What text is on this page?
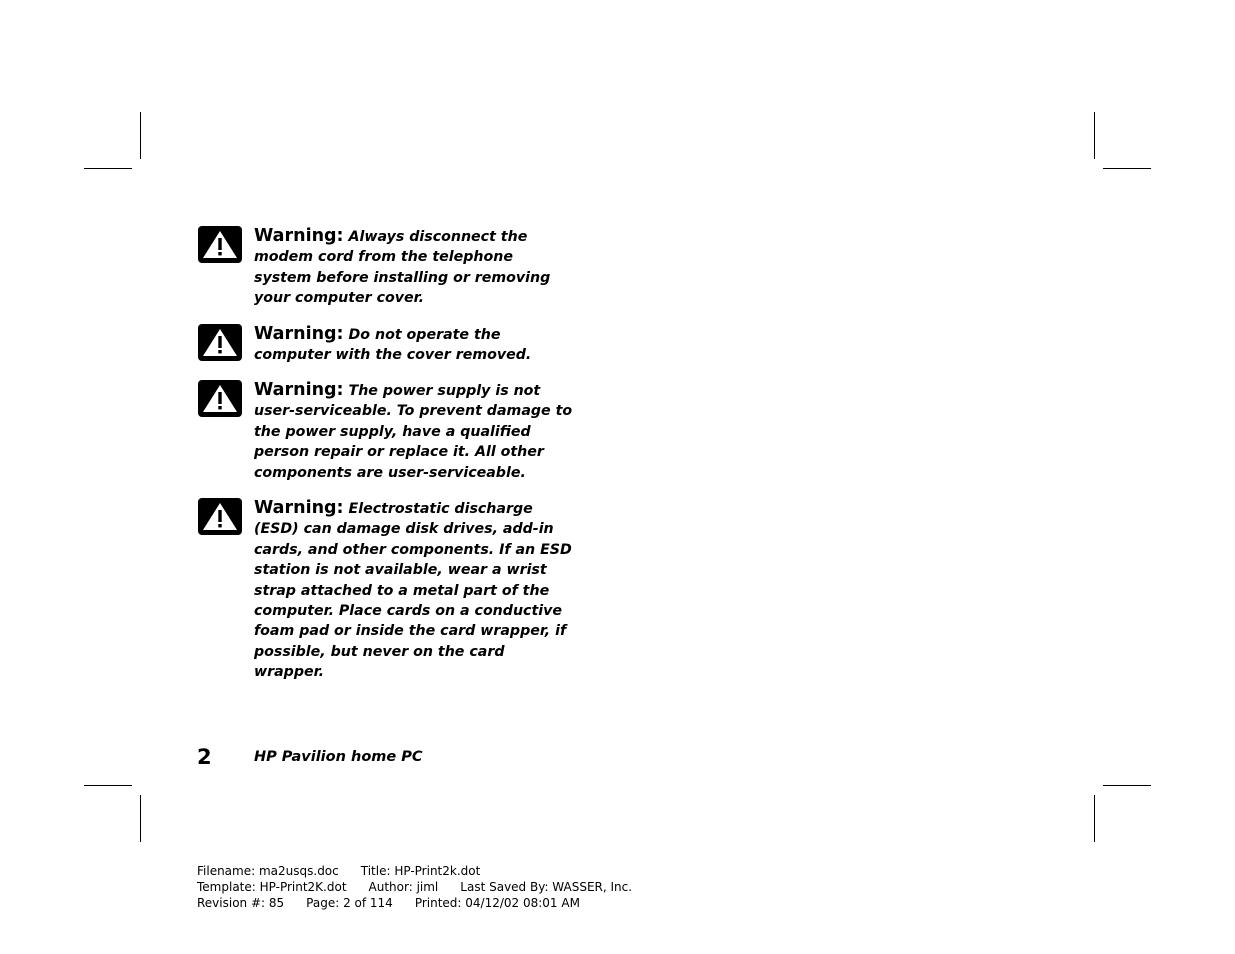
Warning: Always disconnect the modem cord from the telephone system before installing or removing your computer cover.
Warning: Do not operate the computer with the cover removed.
Warning: The power supply is not user-serviceable. To prevent damage to the power supply, have a qualified person repair or replace it. All other components are user-serviceable.
Warning: Electrostatic discharge (ESD) can damage disk drives, add-in cards, and other components. If an ESD station is not available, wear a wrist strap attached to a metal part of the computer. Place cards on a conductive foam pad or inside the card wrapper, if possible, but never on the card wrapper.
2	HP Pavilion home PC
Filename: ma2usqs.doc Title: HP-Print2k.dot
Template: HP-Print2K.dot Author: jiml Last Saved By: WASSER, Inc.
Revision #: 85 Page: 2 of 114 Printed: 04/12/02 08:01 AM
